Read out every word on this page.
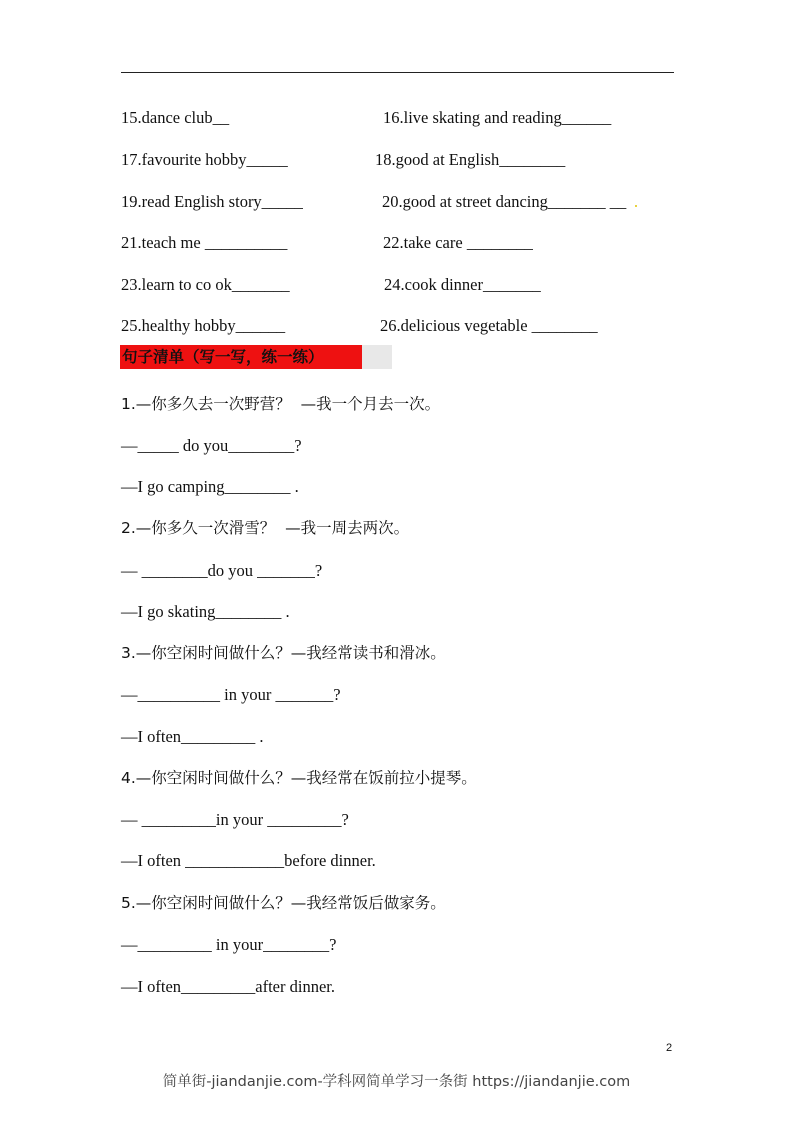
15.dance club__	16.live skating and reading______
17.favourite hobby_____	18.good at English________
19.read English story_____	20.good at street dancing_______ __
21.teach me __________	22.take care ________
23.learn to co ok_______	24.cook dinner_______
25.healthy hobby______	26.delicious vegetable ________
句子清单（写一写，练一练）
1.—你多久去一次野营？  —我一个月去一次。
—_____ do you________?
—I go camping________ .
2.—你多久一次滑雪？  —我一周去两次。
— ________do you _______?
—I go skating________ .
3.—你空闲时间做什么？—我经常读书和滑冰。
—__________ in your _______?
—I often_________ .
4.—你空闲时间做什么？—我经常在饭前拉小提琴。
— _________in your _________?
—I often ____________before dinner.
5.—你空闲时间做什么？—我经常饭后做家务。
—_________ in your________?
—I often_________after dinner.
2
简单街-jiandanjie.com-学科网简单学习一条街 https://jiandanjie.com
